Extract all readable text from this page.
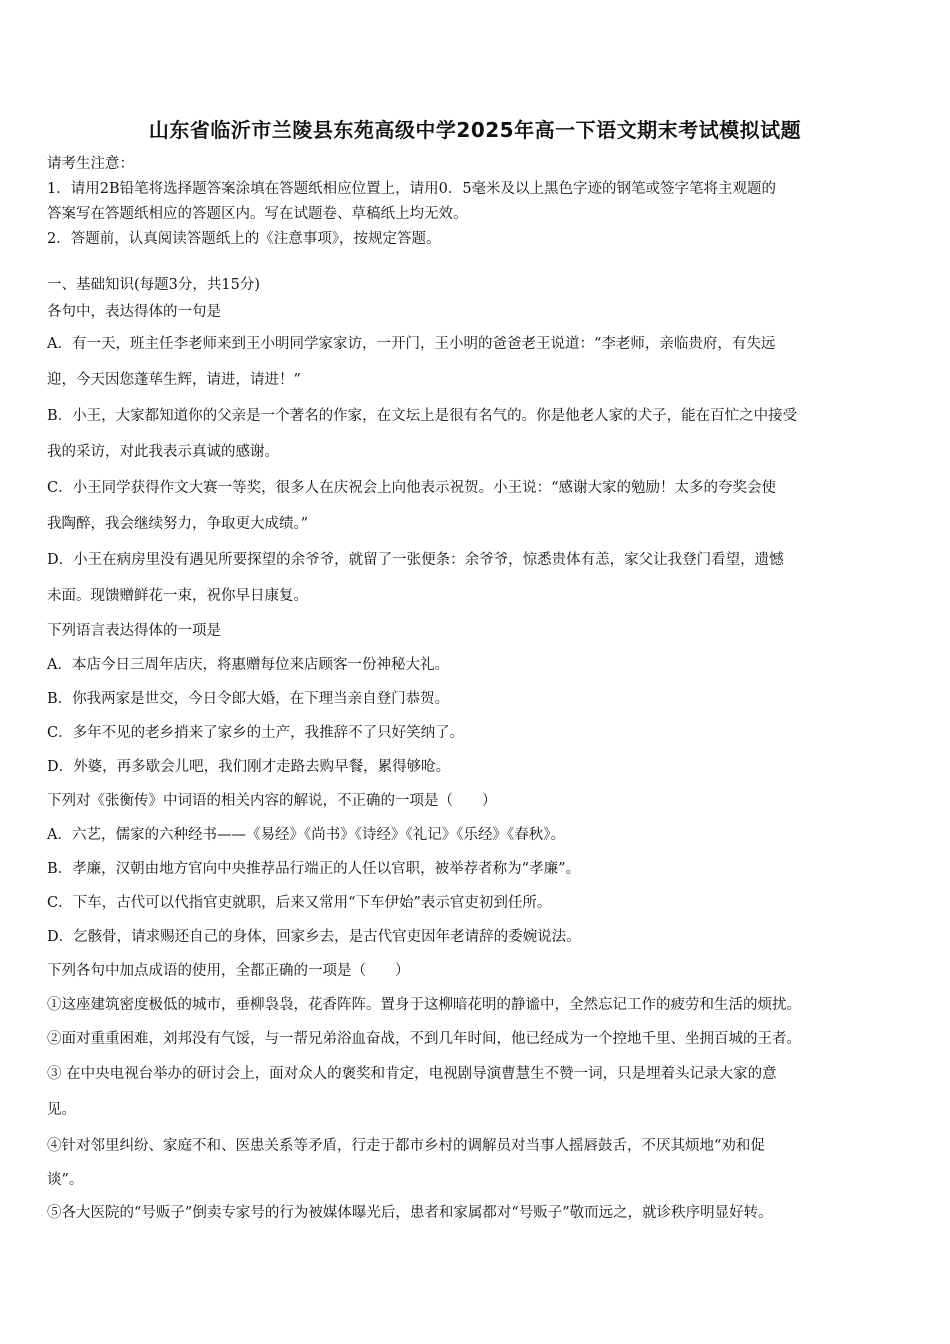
山东省临沂市兰陵县东苑高级中学2025年高一下语文期末考试模拟试题
请考生注意：
1．请用2B铅笔将选择题答案涂填在答题纸相应位置上，请用0．5毫米及以上黑色字迹的钢笔或签字笔将主观题的
答案写在答题纸相应的答题区内。写在试题卷、草稿纸上均无效。
2．答题前，认真阅读答题纸上的《注意事项》，按规定答题。
一、基础知识(每题3分，共15分)
各句中，表达得体的一句是
A．有一天，班主任李老师来到王小明同学家家访，一开门，王小明的爸爸老王说道：“李老师，亲临贵府，有失远
迎，今天因您蓬荜生辉，请进，请进！”
B．小王，大家都知道你的父亲是一个著名的作家，在文坛上是很有名气的。你是他老人家的犬子，能在百忙之中接受
我的采访，对此我表示真诚的感谢。
C．小王同学获得作文大赛一等奖，很多人在庆祝会上向他表示祝贺。小王说：“感谢大家的勉励！太多的夸奖会使
我陶醉，我会继续努力，争取更大成绩。”
D．小王在病房里没有遇见所要探望的余爷爷，就留了一张便条：余爷爷，惊悉贵体有恙，家父让我登门看望，遗憾
未面。现馈赠鲜花一束，祝你早日康复。
下列语言表达得体的一项是
A．本店今日三周年店庆，将惠赠每位来店顾客一份神秘大礼。
B．你我两家是世交，今日令郎大婚，在下理当亲自登门恭贺。
C．多年不见的老乡捎来了家乡的土产，我推辞不了只好笑纳了。
D．外婆，再多歇会儿吧，我们刚才走路去购早餐，累得够呛。
下列对《张衡传》中词语的相关内容的解说，不正确的一项是（　　）
A．六艺，儒家的六种经书——《易经》《尚书》《诗经》《礼记》《乐经》《春秋》。
B．孝廉，汉朝由地方官向中央推荐品行端正的人任以官职，被举荐者称为“孝廉”。
C．下车，古代可以代指官吏就职，后来又常用“下车伊始”表示官吏初到任所。
D．乞骸骨，请求赐还自己的身体，回家乡去，是古代官吏因年老请辞的委婉说法。
下列各句中加点成语的使用，全都正确的一项是（　　）
①这座建筑密度极低的城市，垂柳袅袅，花香阵阵。置身于这柳暗花明的静谧中，全然忘记工作的疲劳和生活的烦扰。
②面对重重困难，刘邦没有气馁，与一帮兄弟浴血奋战，不到几年时间，他已经成为一个控地千里、坐拥百城的王者。
③ 在中央电视台举办的研讨会上，面对众人的褒奖和肯定，电视剧导演曹慧生不赞一词，只是埋着头记录大家的意
见。
④针对邻里纠纷、家庭不和、医患关系等矛盾，行走于都市乡村的调解员对当事人摇唇鼓舌，不厌其烦地“劝和促
谈”。
⑤各大医院的“号贩子”倒卖专家号的行为被媒体曝光后，患者和家属都对“号贩子”敬而远之，就诊秩序明显好转。
